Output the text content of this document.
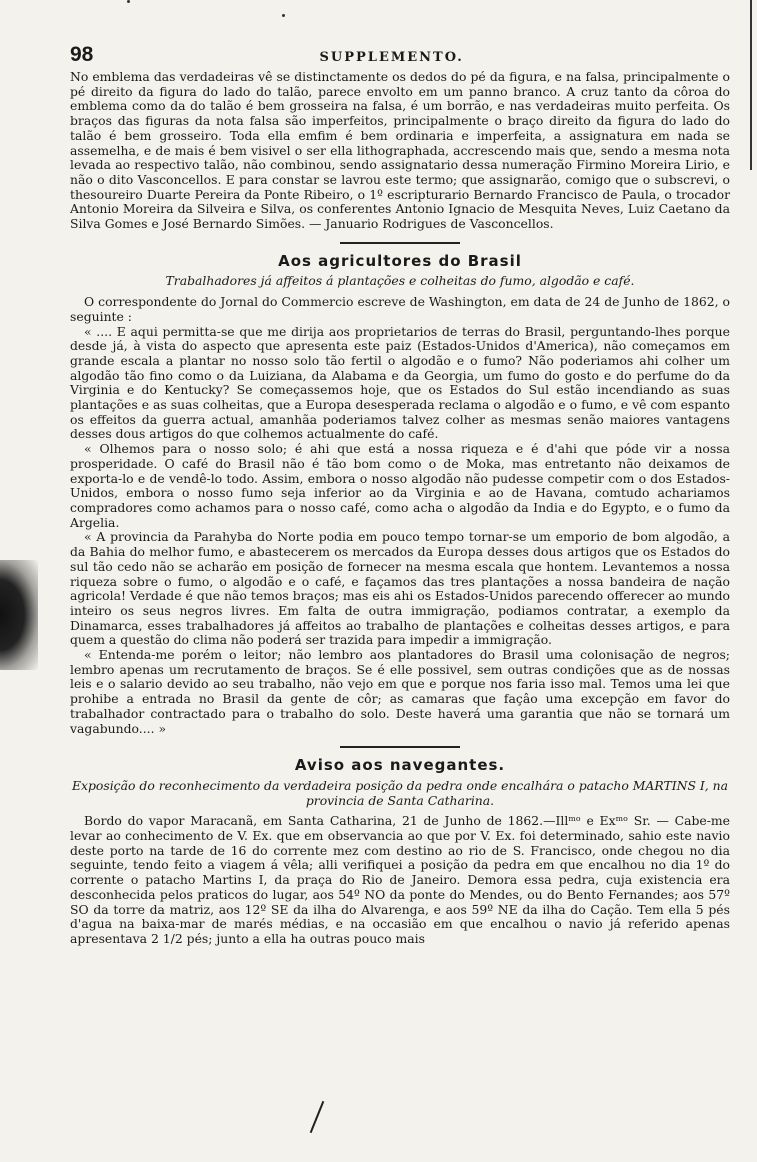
98	SUPPLEMENTO.

No emblema das verdadeiras vê se distinctamente os dedos do pé da figura, e na falsa, principalmente o pé direito da figura do lado do talão, parece envolto em um panno branco. A cruz tanto da côroa do emblema como da do talão é bem grosseira na falsa, é um borrão, e nas verdadeiras muito perfeita. Os braços das figuras da nota falsa são imperfeitos, principalmente o braço direito da figura do lado do talão é bem grosseiro. Toda ella emfim é bem ordinaria e imperfeita, a assignatura em nada se assemelha, e de mais é bem visivel o ser ella lithographada, accrescendo mais que, sendo a mesma nota levada ao respectivo talão, não combinou, sendo assignatario dessa numeração Firmino Moreira Lirio, e não o dito Vasconcellos. E para constar se lavrou este termo; que assignarão, comigo que o subscrevi, o thesoureiro Duarte Pereira da Ponte Ribeiro, o 1º escripturario Bernardo Francisco de Paula, o trocador Antonio Moreira da Silveira e Silva, os conferentes Antonio Ignacio de Mesquita Neves, Luiz Caetano da Silva Gomes e José Bernardo Simões. — Januario Rodrigues de Vasconcellos.

Aos agricultores do Brasil
Trabalhadores já affeitos á plantações e colheitas do fumo, algodão e café.

O correspondente do Jornal do Commercio escreve de Washington, em data de 24 de Junho de 1862, o seguinte :

« .... E aqui permitta-se que me dirija aos proprietarios de terras do Brasil, perguntando-lhes porque desde já, à vista do aspecto que apresenta este paiz (Estados-Unidos d'America), não começamos em grande escala a plantar no nosso solo tão fertil o algodão e o fumo? Não poderiamos ahi colher um algodão tão fino como o da Luiziana, da Alabama e da Georgia, um fumo do gosto e do perfume do da Virginia e do Kentucky? Se começassemos hoje, que os Estados do Sul estão incendiando as suas plantações e as suas colheitas, que a Europa desesperada reclama o algodão e o fumo, e vê com espanto os effeitos da guerra actual, amanhãa poderiamos talvez colher as mesmas senão maiores vantagens desses dous artigos do que colhemos actualmente do café.

« Olhemos para o nosso solo; é ahi que está a nossa riqueza e é d'ahi que póde vir a nossa prosperidade. O café do Brasil não é tão bom como o de Moka, mas entretanto não deixamos de exporta-lo e de vendê-lo todo. Assim, embora o nosso algodão não pudesse competir com o dos Estados-Unidos, embora o nosso fumo seja inferior ao da Virginia e ao de Havana, comtudo achariamos compradores como achamos para o nosso café, como acha o algodão da India e do Egypto, e o fumo da Argelia.

« A provincia da Parahyba do Norte podia em pouco tempo tornar-se um emporio de bom algodão, a da Bahia do melhor fumo, e abastecerem os mercados da Europa desses dous artigos que os Estados do sul tão cedo não se acharão em posição de fornecer na mesma escala que hontem. Levantemos a nossa riqueza sobre o fumo, o algodão e o café, e façamos das tres plantações a nossa bandeira de nação agricola! Verdade é que não temos braços; mas eis ahi os Estados-Unidos parecendo offerecer ao mundo inteiro os seus negros livres. Em falta de outra immigração, podiamos contratar, a exemplo da Dinamarca, esses trabalhadores já affeitos ao trabalho de plantações e colheitas desses artigos, e para quem a questão do clima não poderá ser trazida para impedir a immigração.

« Entenda-me porém o leitor; não lembro aos plantadores do Brasil uma colonisação de negros; lembro apenas um recrutamento de braços. Se é elle possivel, sem outras condições que as de nossas leis e o salario devido ao seu trabalho, não vejo em que e porque nos faria isso mal. Temos uma lei que prohibe a entrada no Brasil da gente de côr; as camaras que façâo uma excepção em favor do trabalhador contractado para o trabalho do solo. Deste haverá uma garantia que não se tornará um vagabundo.... »

Aviso aos navegantes.
Exposição do reconhecimento da verdadeira posição da pedra onde encalhára o patacho MARTINS I, na provincia de Santa Catharina.

Bordo do vapor Maracanã, em Santa Catharina, 21 de Junho de 1862.—Illᵐᵒ e Exᵐᵒ Sr. — Cabe-me levar ao conhecimento de V. Ex. que em observancia ao que por V. Ex. foi determinado, sahio este navio deste porto na tarde de 16 do corrente mez com destino ao rio de S. Francisco, onde chegou no dia seguinte, tendo feito a viagem á vêla; alli verifiquei a posição da pedra em que encalhou no dia 1º do corrente o patacho Martins I, da praça do Rio de Janeiro. Demora essa pedra, cuja existencia era desconhecida pelos praticos do lugar, aos 54º NO da ponte do Mendes, ou do Bento Fernandes; aos 57º SO da torre da matriz, aos 12º SE da ilha do Alvarenga, e aos 59º NE da ilha do Cação. Tem ella 5 pés d'agua na baixa-mar de marés médias, e na occasião em que encalhou o navio já referido apenas apresentava 2 1/2 pés; junto a ella ha outras pouco mais
